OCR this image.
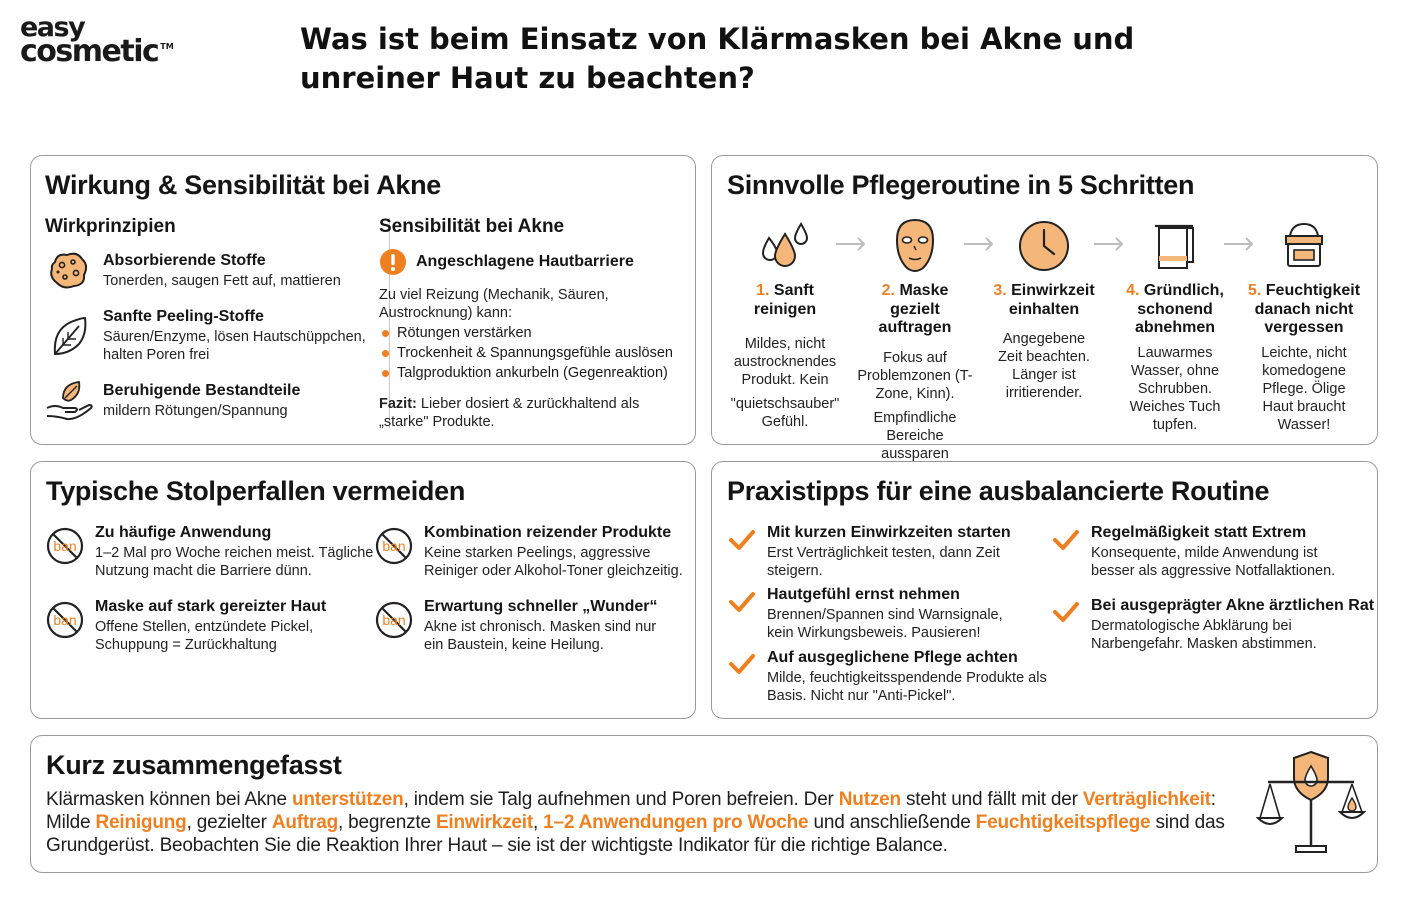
easy
cosmetic ™	Was ist beim Einsatz von Klärmasken bei Akne und unreiner Haut zu beachten?
Wirkung & Sensibilität bei Akne
Wirkprinzipien
Absorbierende Stoffe
Tonerden, saugen Fett auf, mattieren
Sanfte Peeling-Stoffe
Säuren/Enzyme, lösen Hautschüppchen, halten Poren frei
Beruhigende Bestandteile
mildern Rötungen/Spannung
Sensibilität bei Akne
Angeschlagene Hautbarriere
Zu viel Reizung (Mechanik, Säuren, Austrocknung) kann:
Rötungen verstärken
Trockenheit & Spannungsgefühle auslösen
Talgproduktion ankurbeln (Gegenreaktion)
Fazit: Lieber dosiert & zurückhaltend als „starke" Produkte.
Sinnvolle Pflegeroutine in 5 Schritten
1. Sanft reinigen
Mildes, nicht austrocknendes Produkt. Kein
"quietschsauber" Gefühl.
2. Maske gezielt auftragen
Fokus auf Problemzonen (T-Zone, Kinn).
Empfindliche Bereiche aussparen
3. Einwirkzeit einhalten
Angegebene Zeit beachten. Länger ist irritierender.
4. Gründlich, schonend abnehmen
Lauwarmes Wasser, ohne Schrubben. Weiches Tuch tupfen.
5. Feuchtigkeit danach nicht vergessen
Leichte, nicht komedogene Pflege. Ölige Haut braucht Wasser!
Typische Stolperfallen vermeiden
ban
Zu häufige Anwendung
1–2 Mal pro Woche reichen meist. Tägliche Nutzung macht die Barriere dünn.
ban
Kombination reizender Produkte
Keine starken Peelings, aggressive Reiniger oder Alkohol-Toner gleichzeitig.
ban
Maske auf stark gereizter Haut
Offene Stellen, entzündete Pickel, Schuppung = Zurückhaltung
ban
Erwartung schneller „Wunder“
Akne ist chronisch. Masken sind nur ein Baustein, keine Heilung.
Praxistipps für eine ausbalancierte Routine
Mit kurzen Einwirkzeiten starten
Erst Verträglichkeit testen, dann Zeit steigern.
Hautgefühl ernst nehmen
Brennen/Spannen sind Warnsignale, kein Wirkungsbeweis. Pausieren!
Auf ausgeglichene Pflege achten
Milde, feuchtigkeitsspendende Produkte als Basis. Nicht nur "Anti-Pickel".
Regelmäßigkeit statt Extrem
Konsequente, milde Anwendung ist besser als aggressive Notfallaktionen.
Bei ausgeprägter Akne ärztlichen Rat
Dermatologische Abklärung bei Narbengefahr. Masken abstimmen.
Kurz zusammengefasst
Klärmasken können bei Akne unterstützen, indem sie Talg aufnehmen und Poren befreien. Der Nutzen steht und fällt mit der Verträglichkeit: Milde Reinigung, gezielter Auftrag, begrenzte Einwirkzeit, 1–2 Anwendungen pro Woche und anschließende Feuchtigkeitspflege sind das Grundgerüst. Beobachten Sie die Reaktion Ihrer Haut – sie ist der wichtigste Indikator für die richtige Balance.
